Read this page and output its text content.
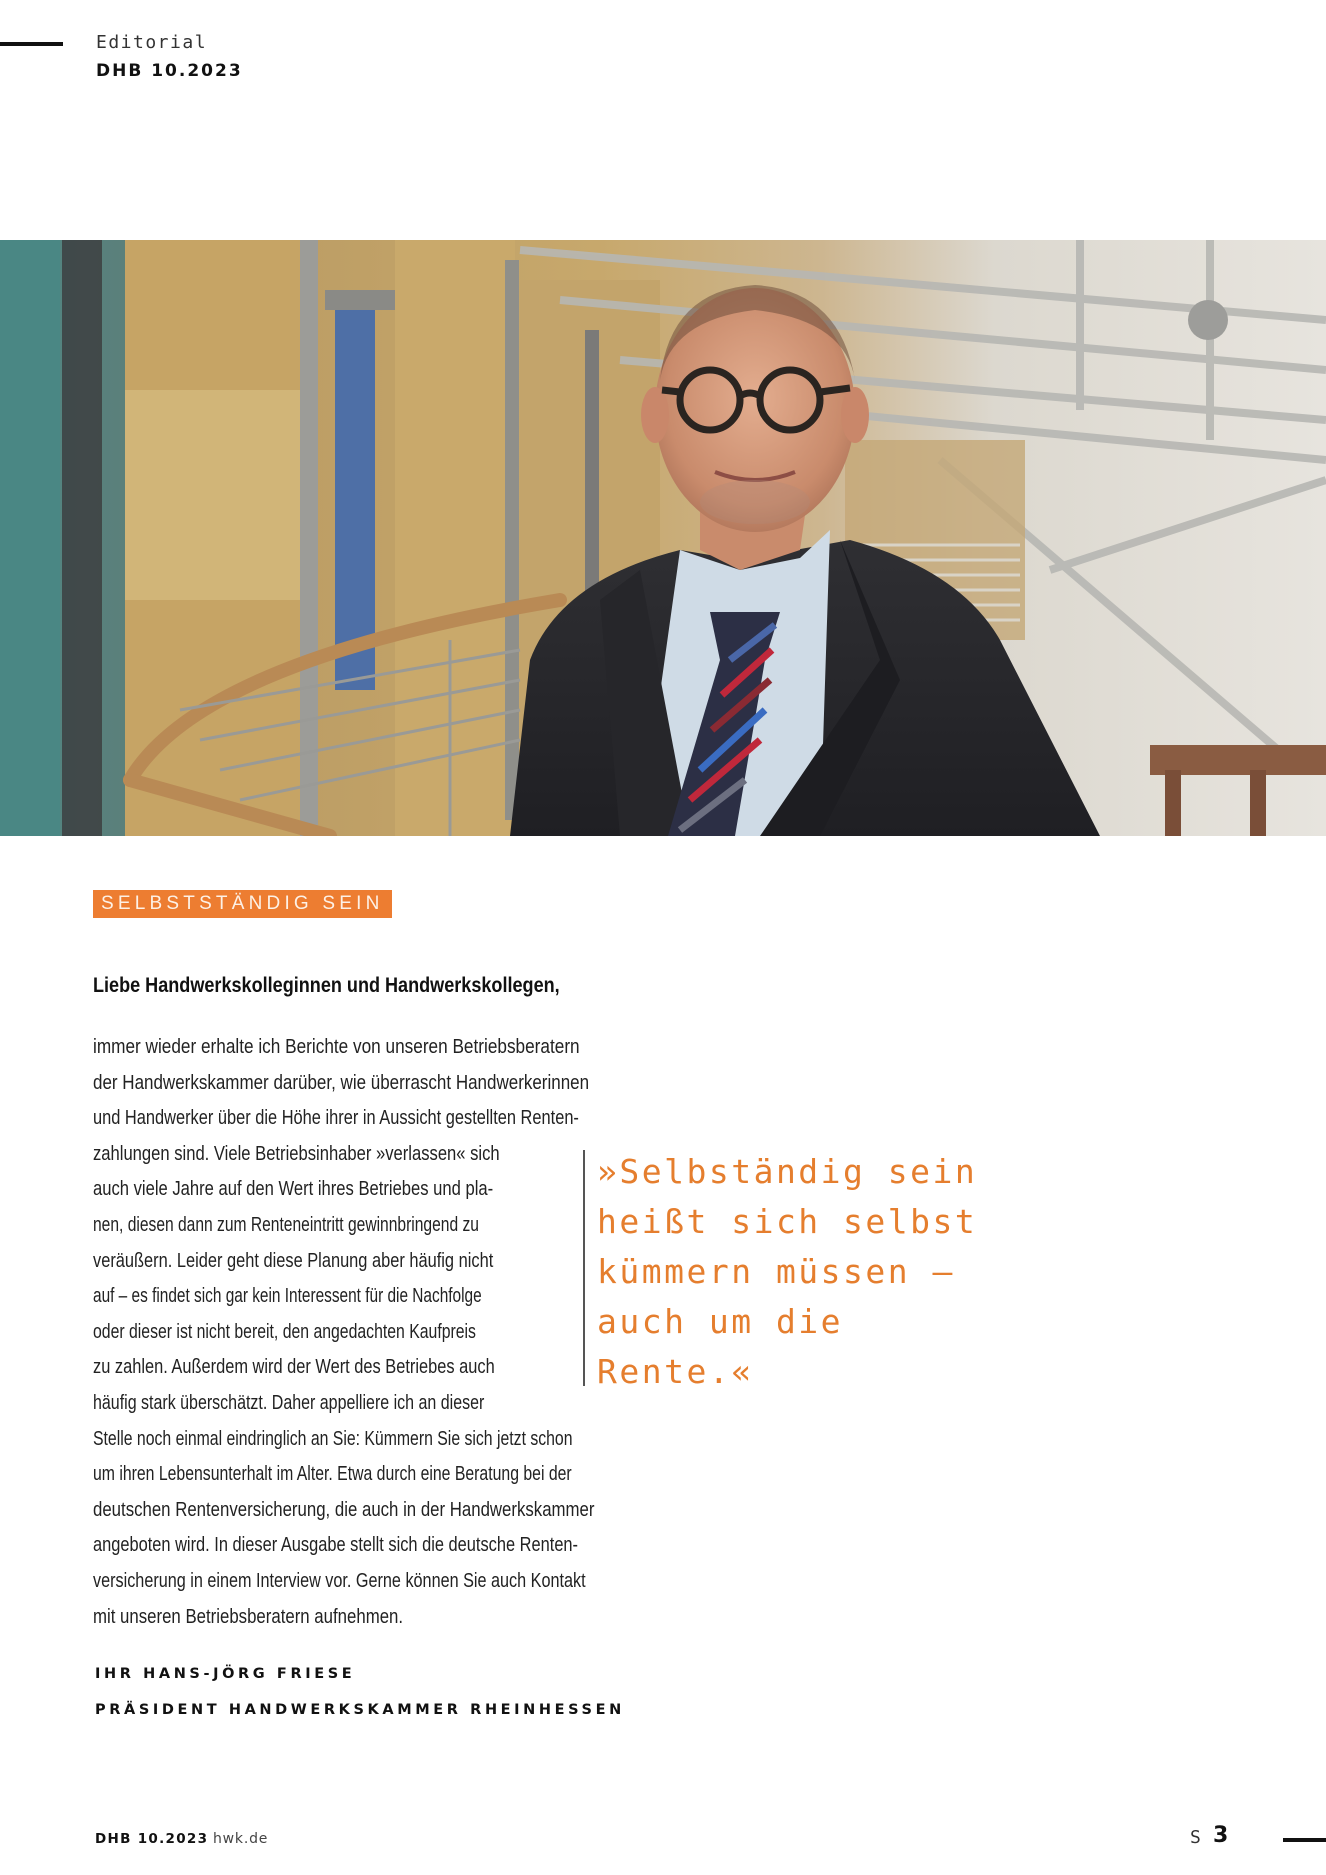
Editorial
DHB 10.2023
SELBSTSTÄNDIG SEIN
Liebe Handwerkskolleginnen und Handwerkskollegen,
immer wieder erhalte ich Berichte von unseren Betriebsberatern
der Handwerkskammer darüber, wie überrascht Handwerkerinnen
und Handwerker über die Höhe ihrer in Aussicht gestellten Renten-
zahlungen sind. Viele Betriebsinhaber »verlassen« sich
auch viele Jahre auf den Wert ihres Betriebes und pla-
nen, diesen dann zum Renteneintritt gewinnbringend zu
veräußern. Leider geht diese Planung aber häufig nicht
auf – es findet sich gar kein Interessent für die Nachfolge
oder dieser ist nicht bereit, den angedachten Kaufpreis
zu zahlen. Außerdem wird der Wert des Betriebes auch
häufig stark überschätzt. Daher appelliere ich an dieser
Stelle noch einmal eindringlich an Sie: Kümmern Sie sich jetzt schon
um ihren Lebensunterhalt im Alter. Etwa durch eine Beratung bei der
deutschen Rentenversicherung, die auch in der Handwerkskammer
angeboten wird. In dieser Ausgabe stellt sich die deutsche Renten-
versicherung in einem Interview vor. Gerne können Sie auch Kontakt
mit unseren Betriebsberatern aufnehmen.
»Selbständig sein
heißt sich selbst
kümmern müssen –
auch um die
Rente.«
IHR HANS-JÖRG FRIESE
PRÄSIDENT HANDWERKSKAMMER RHEINHESSEN
DHB 10.2023 hwk.de	S 3
